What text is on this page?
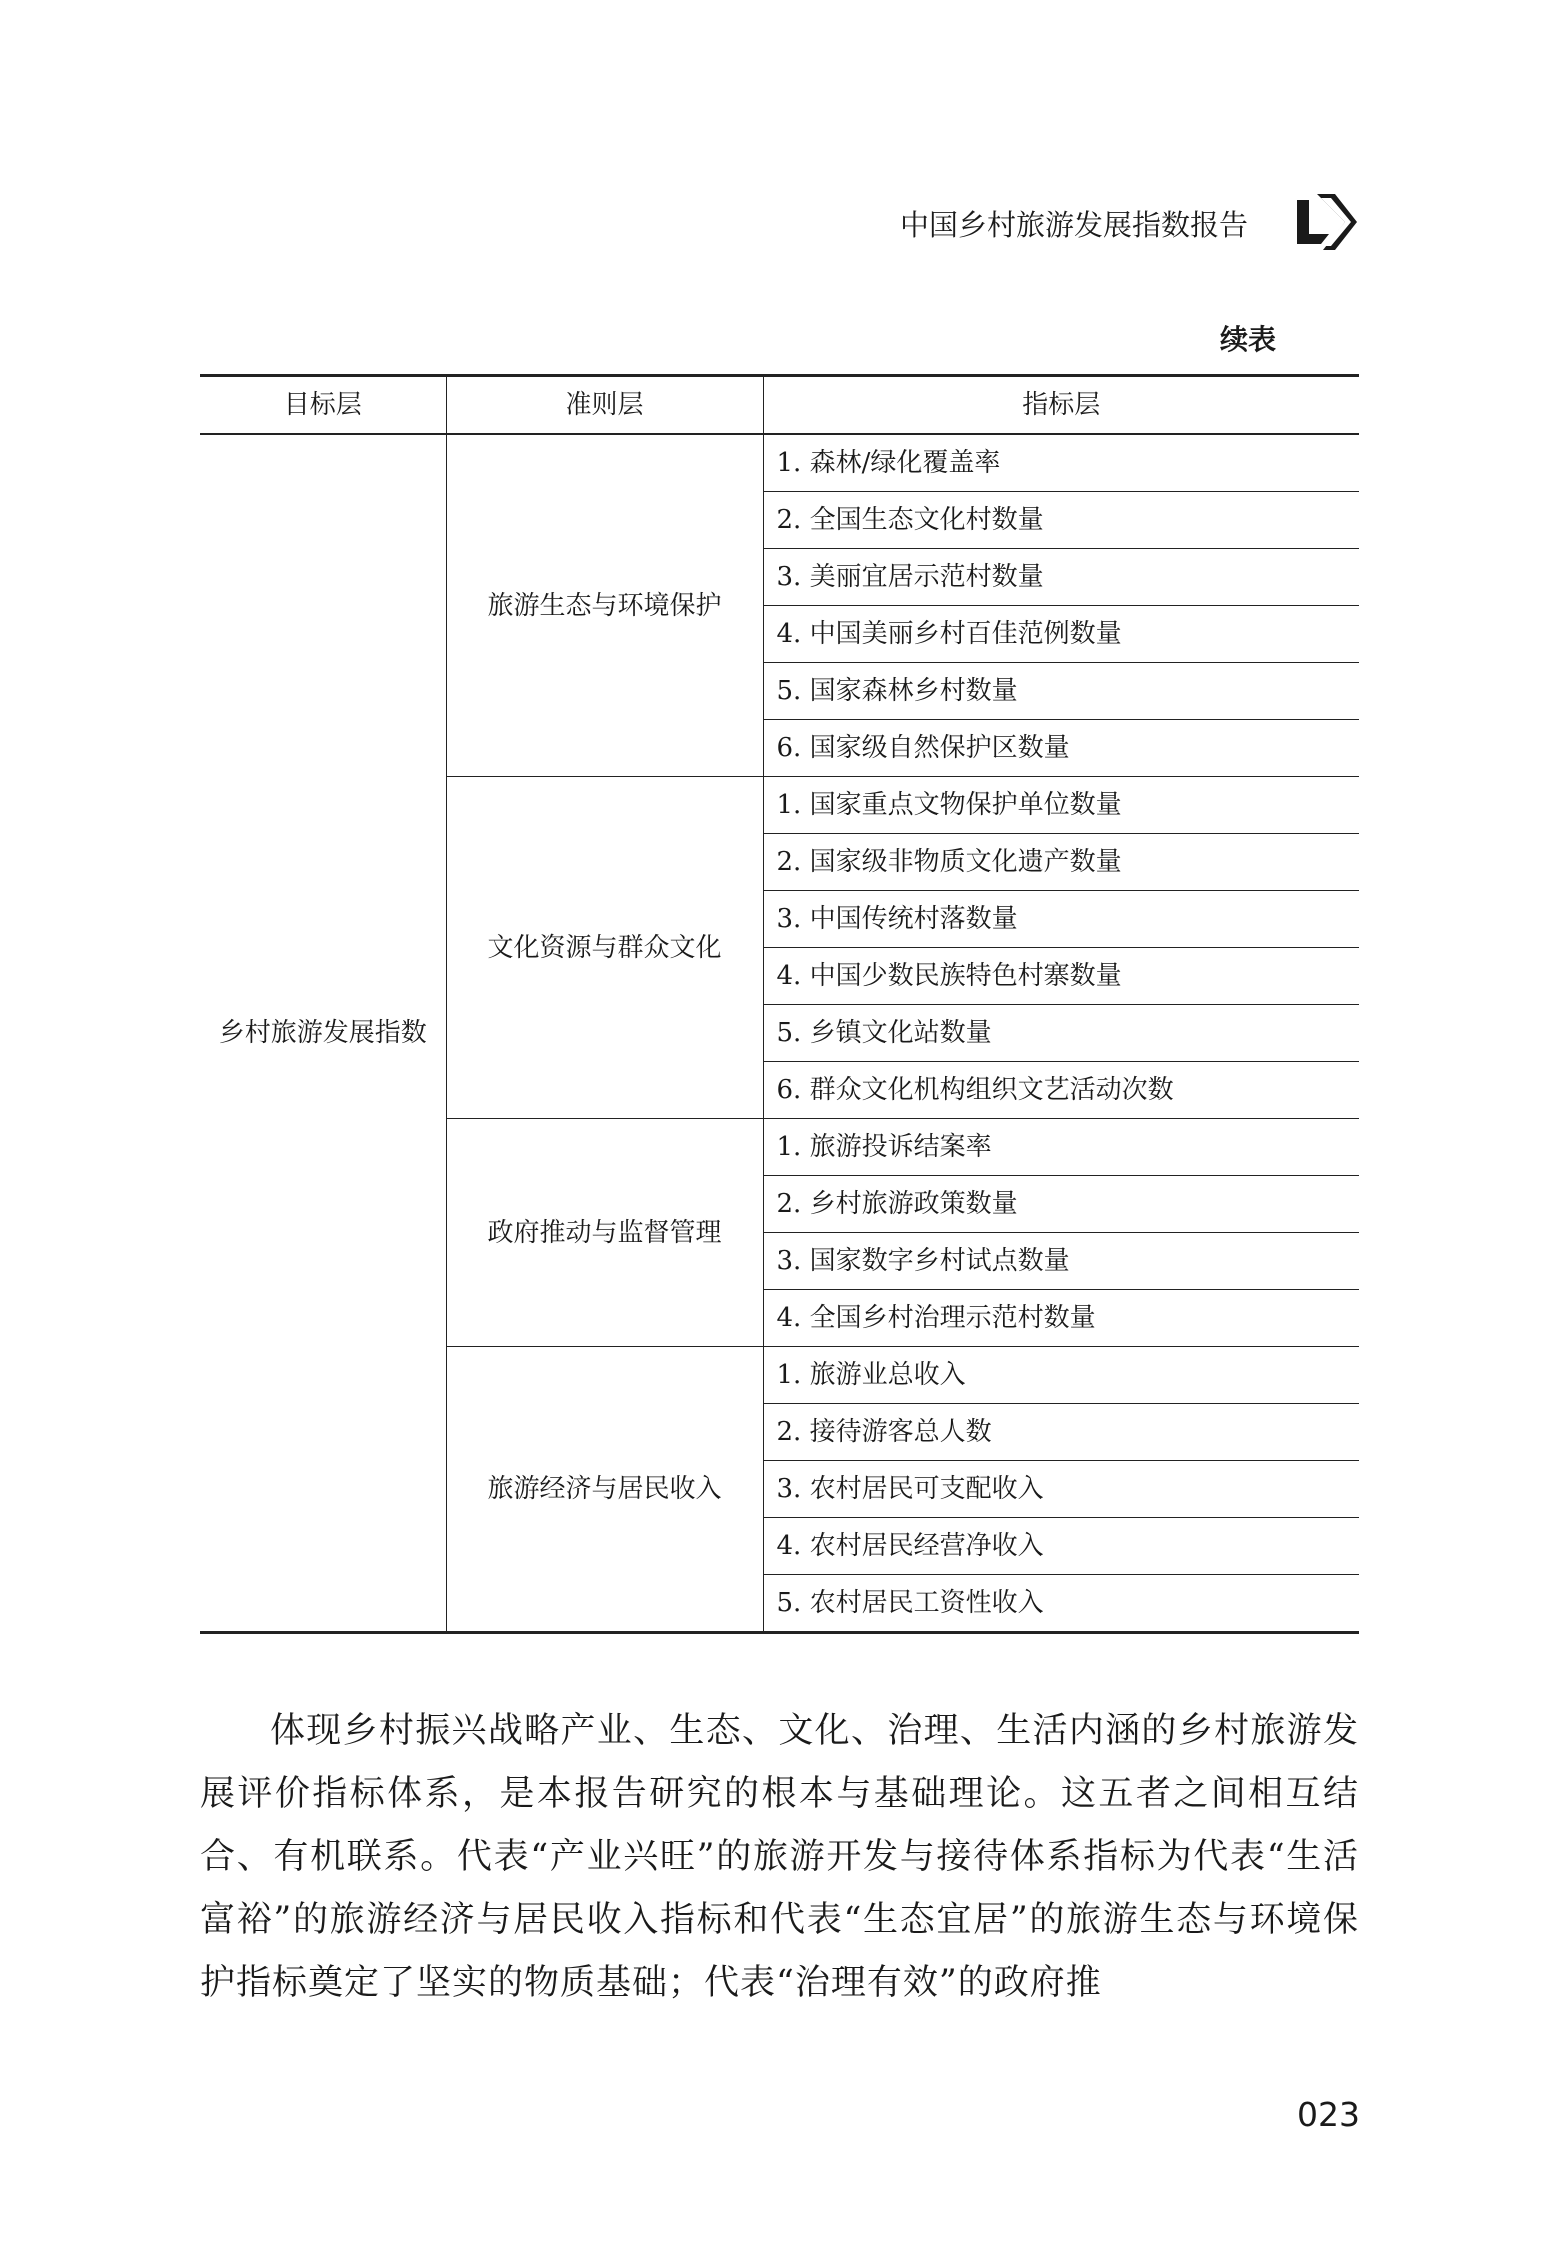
中国乡村旅游发展指数报告
续表
目标层	准则层	指标层
乡村旅游发展指数	旅游生态与环境保护	1. 森林/绿化覆盖率
		2. 全国生态文化村数量
		3. 美丽宜居示范村数量
		4. 中国美丽乡村百佳范例数量
		5. 国家森林乡村数量
		6. 国家级自然保护区数量
	文化资源与群众文化	1. 国家重点文物保护单位数量
		2. 国家级非物质文化遗产数量
		3. 中国传统村落数量
		4. 中国少数民族特色村寨数量
		5. 乡镇文化站数量
		6. 群众文化机构组织文艺活动次数
	政府推动与监督管理	1. 旅游投诉结案率
		2. 乡村旅游政策数量
		3. 国家数字乡村试点数量
		4. 全国乡村治理示范村数量
	旅游经济与居民收入	1. 旅游业总收入
		2. 接待游客总人数
		3. 农村居民可支配收入
		4. 农村居民经营净收入
		5. 农村居民工资性收入

体现乡村振兴战略产业、生态、文化、治理、生活内涵的乡村旅游发展评价指标体系，是本报告研究的根本与基础理论。这五者之间相互结合、有机联系。代表“产业兴旺”的旅游开发与接待体系指标为代表“生活富裕”的旅游经济与居民收入指标和代表“生态宜居”的旅游生态与环境保护指标奠定了坚实的物质基础；代表“治理有效”的政府推

023
